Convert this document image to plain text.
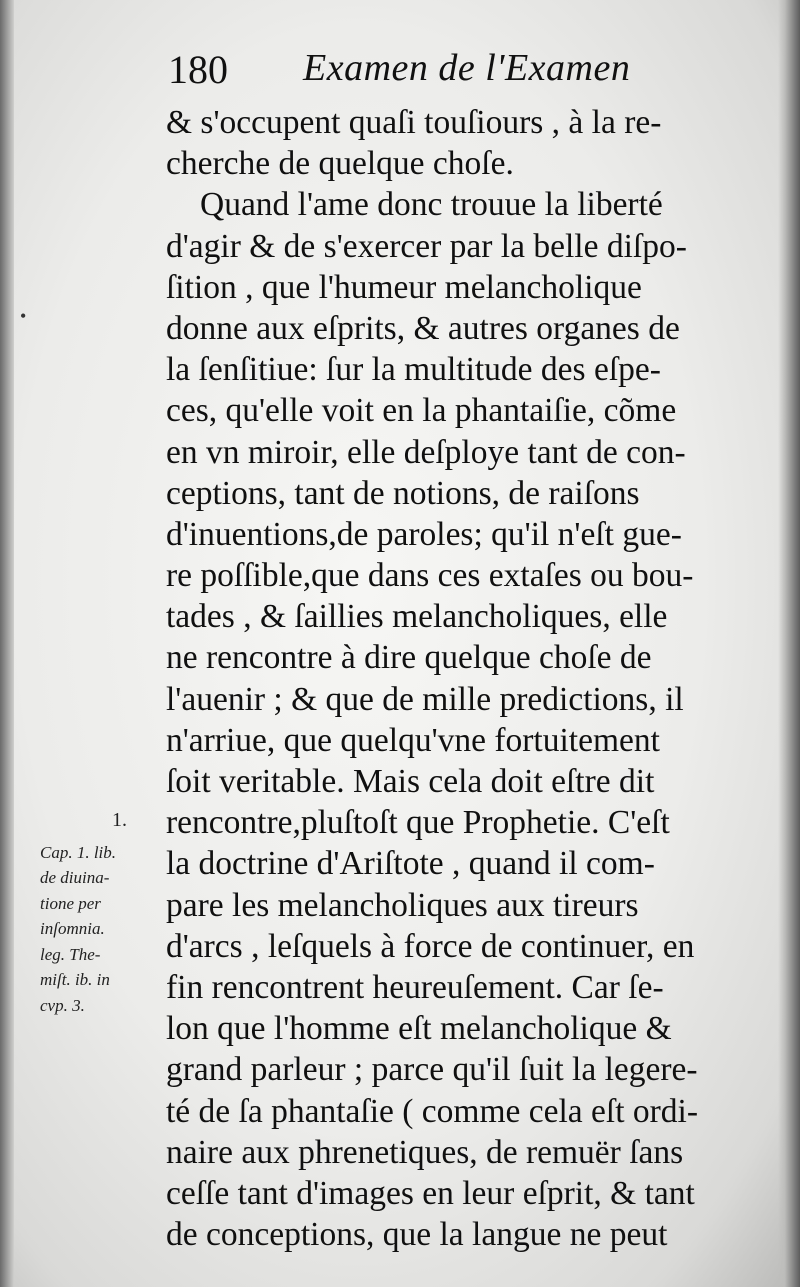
180 Examen de l'Examen
•
& s'occupent quaſi touſiours , à la re-
cherche de quelque choſe.
Quand l'ame donc trouue la liberté
d'agir & de s'exercer par la belle diſpo-
ſition , que l'humeur melancholique
donne aux eſprits, & autres organes de
la ſenſitiue: ſur la multitude des eſpe-
ces, qu'elle voit en la phantaiſie, cõme
en vn miroir, elle deſploye tant de con-
ceptions, tant de notions, de raiſons
d'inuentions,de paroles; qu'il n'eſt gue-
re poſſible,que dans ces extaſes ou bou-
tades , & ſaillies melancholiques, elle
ne rencontre à dire quelque choſe de
l'auenir ; & que de mille predictions, il
n'arriue, que quelqu'vne fortuitement
ſoit veritable. Mais cela doit eſtre dit
rencontre,pluſtoſt que Prophetie. C'eſt
la doctrine d'Ariſtote , quand il com-
pare les melancholiques aux tireurs
d'arcs , leſquels à force de continuer, en
fin rencontrent heureuſement. Car ſe-
lon que l'homme eſt melancholique &
grand parleur ; parce qu'il ſuit la legere-
té de ſa phantaſie ( comme cela eſt ordi-
naire aux phrenetiques, de remuër ſans
ceſſe tant d'images en leur eſprit, & tant
de conceptions, que la langue ne peut
1.
Cap. 1. lib.
de diuina-
tione per
inſomnia.
leg. The-
miſt. ib. in
cvp. 3.
